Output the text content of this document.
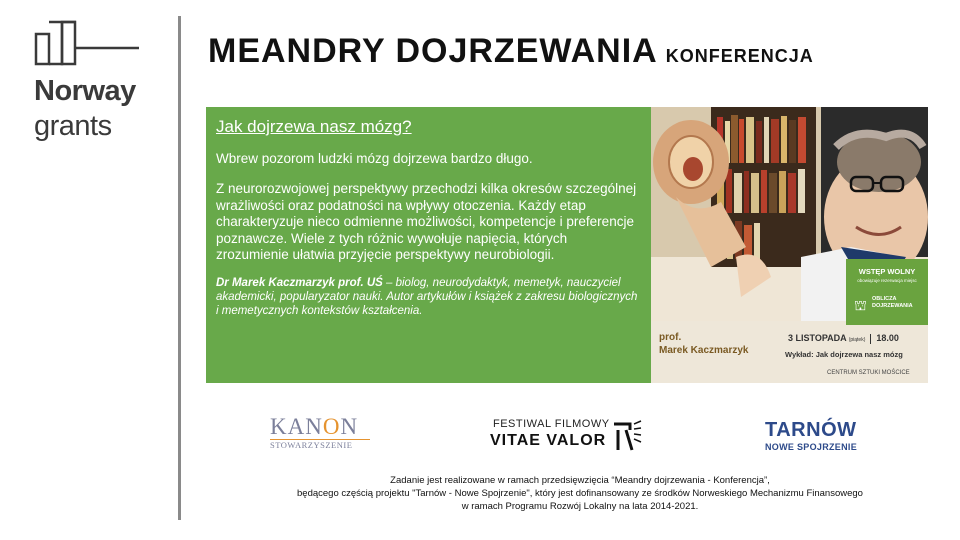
Norway
grants
MEANDRY DOJRZEWANIA KONFERENCJA
Jak dojrzewa nasz mózg?
Wbrew pozorom ludzki mózg dojrzewa bardzo długo.
Z neurorozwojowej perspektywy przechodzi kilka okresów szczególnej wrażliwości oraz podatności na wpływy otoczenia. Każdy etap charakteryzuje nieco odmienne możliwości, kompetencje i preferencje poznawcze. Wiele z tych różnic wywołuje napięcia, których zrozumienie ułatwia przyjęcie perspektywy neurobiologii.
Dr Marek Kaczmarzyk prof. UŚ – biolog, neurodydaktyk, memetyk, nauczyciel akademicki, popularyzator nauki. Autor artykułów i książek z zakresu biologicznych i memetycznych kontekstów kształcenia.
WSTĘP WOLNY
obowiązuje rezerwacja miejsc
⛫ OBLICZA
DOJRZEWANIA
prof.
Marek Kaczmarzyk
3 LISTOPADA (piątek) 18.00
Wykład: Jak dojrzewa nasz mózg
CENTRUM SZTUKI MOŚCICE
KANON
STOWARZYSZENIE
FESTIWAL FILMOWY
VITAE VALOR	TARNÓW
NOWE SPOJRZENIE
Zadanie jest realizowane w ramach przedsięwzięcia “Meandry dojrzewania - Konferencja”,
będącego częścią projektu "Tarnów - Nowe Spojrzenie", który jest dofinansowany ze środków Norweskiego Mechanizmu Finansowego
w ramach Programu Rozwój Lokalny na lata 2014-2021.
